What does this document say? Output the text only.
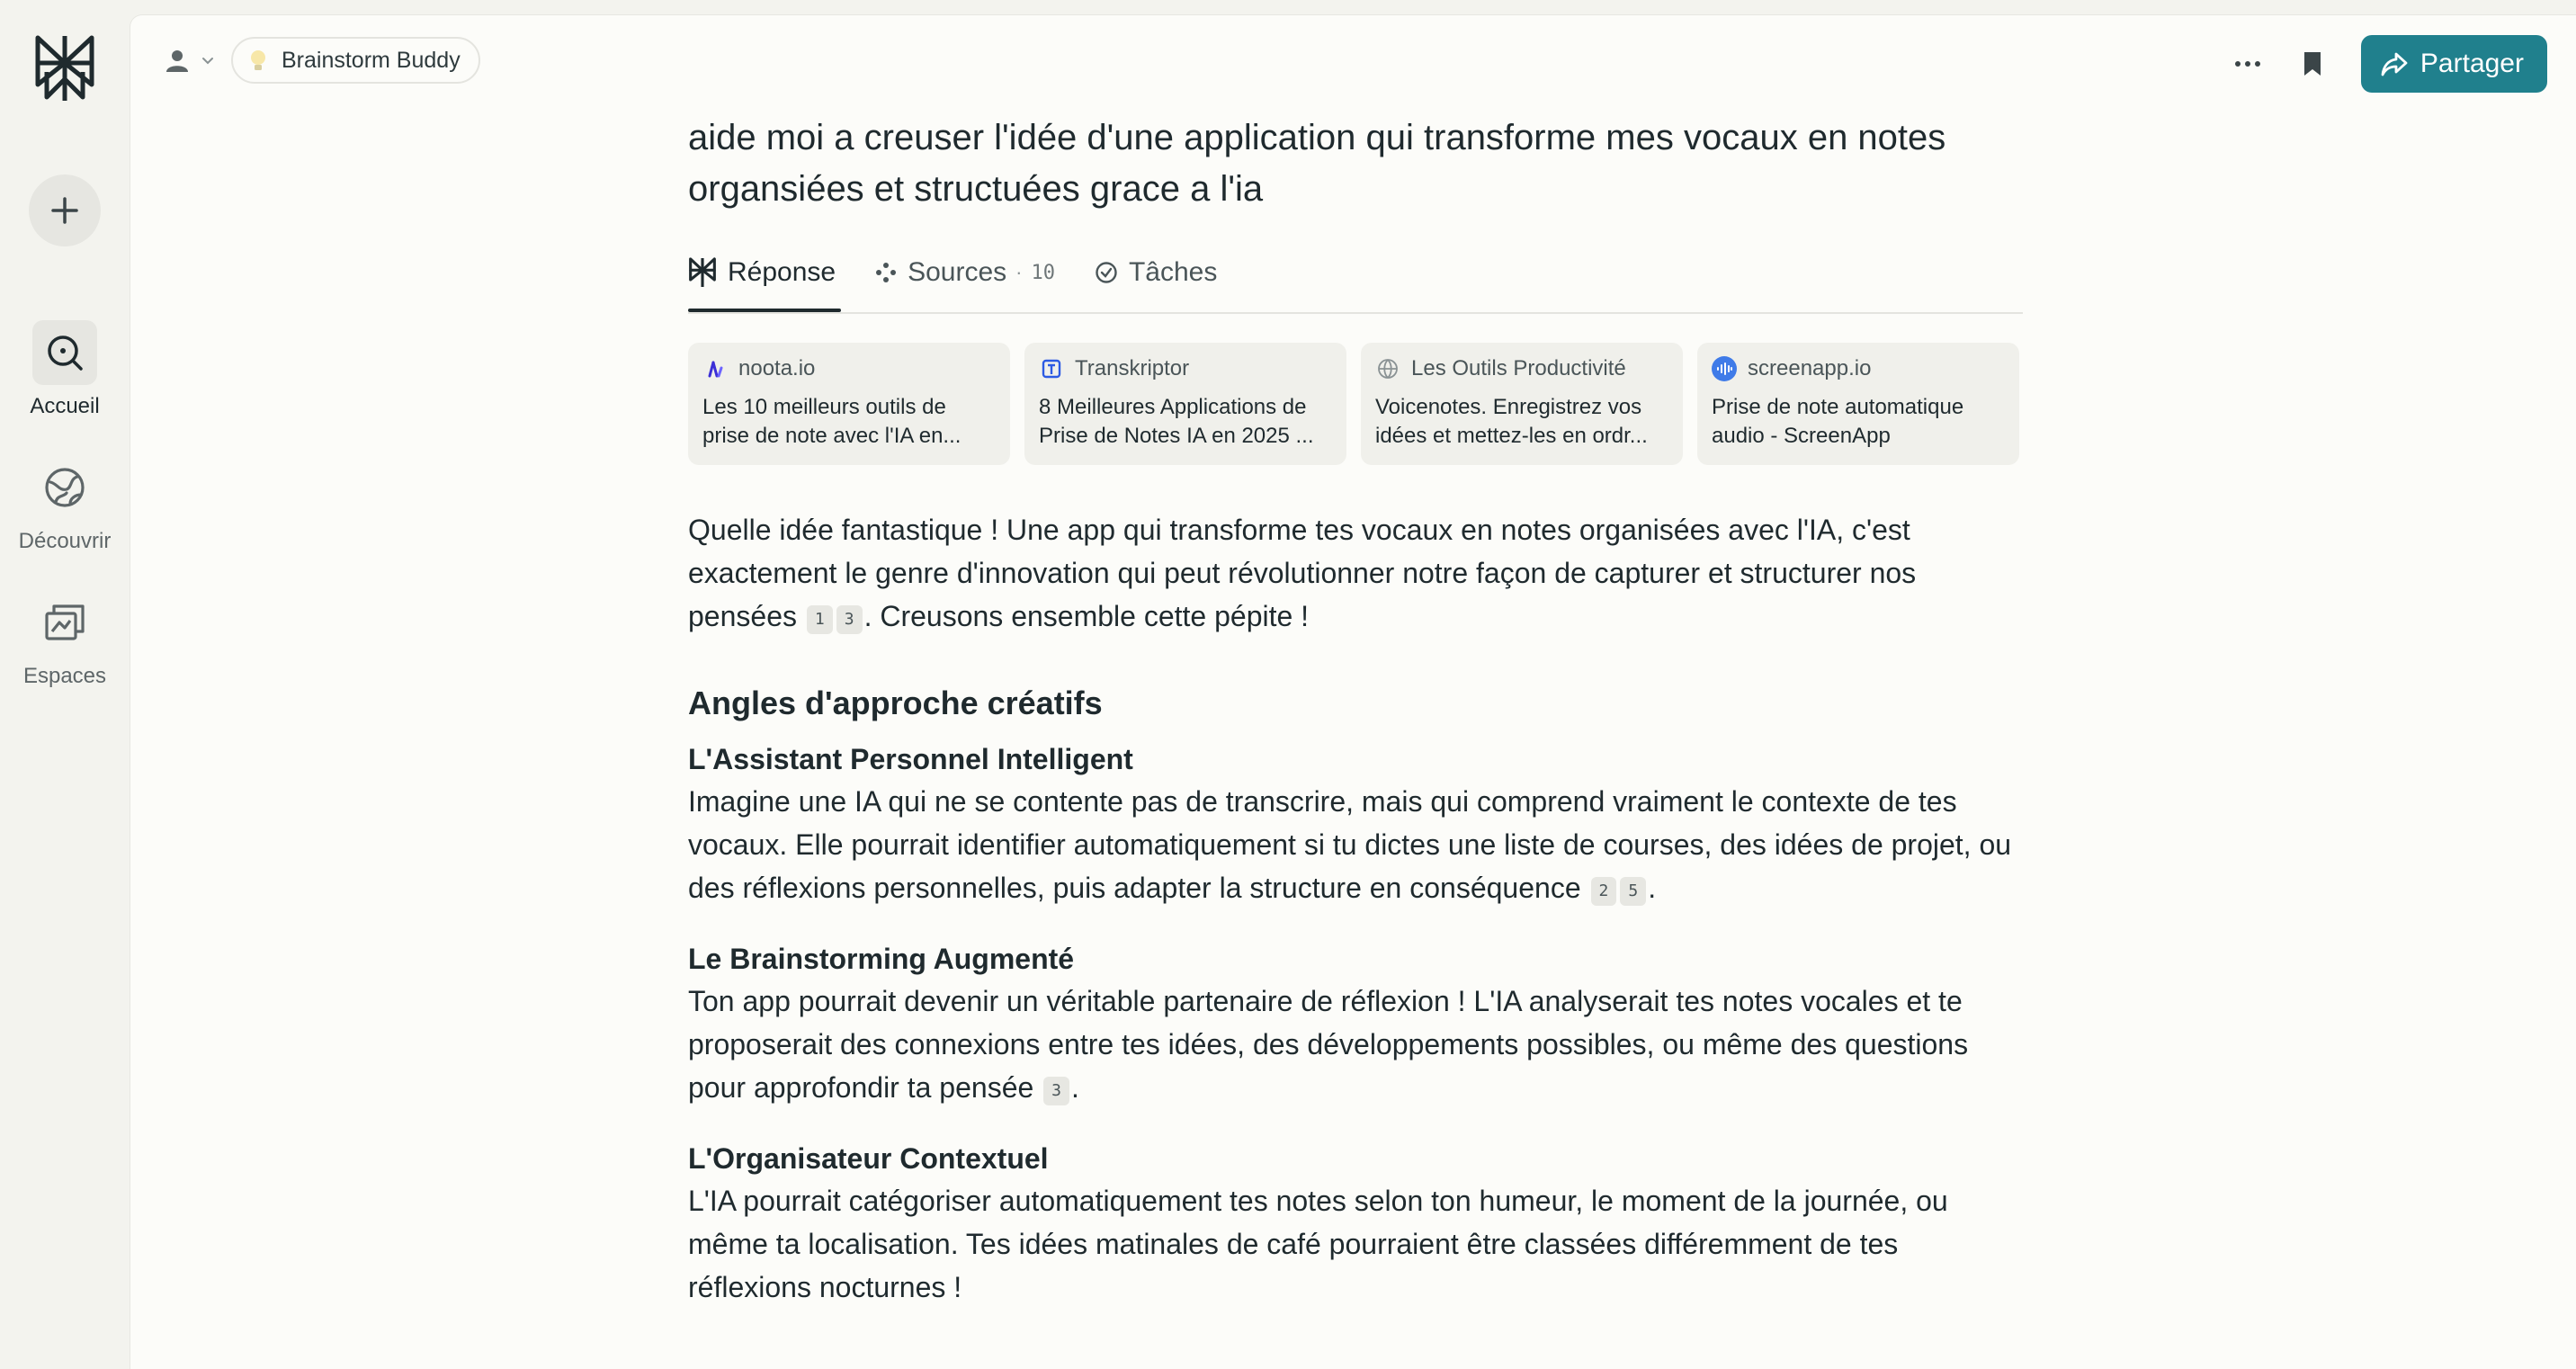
Accueil
Découvrir
Espaces
Brainstorm Buddy	Partager
aide moi a creuser l'idée d'une application qui transforme mes vocaux en notes organsiées et structuées grace a l'ia
Réponse	Sources · 10	Tâches
noota.io
Les 10 meilleurs outils de prise de note avec l'IA en...
Transkriptor
8 Meilleures Applications de Prise de Notes IA en 2025 ...
Les Outils Productivité
Voicenotes. Enregistrez vos idées et mettez-les en ordr...
screenapp.io
Prise de note automatique audio - ScreenApp

Quelle idée fantastique ! Une app qui transforme tes vocaux en notes organisées avec l'IA, c'est exactement le genre d'innovation qui peut révolutionner notre façon de capturer et structurer nos pensées 1 3 . Creusons ensemble cette pépite !

Angles d'approche créatifs
L'Assistant Personnel Intelligent

Imagine une IA qui ne se contente pas de transcrire, mais qui comprend vraiment le contexte de tes vocaux. Elle pourrait identifier automatiquement si tu dictes une liste de courses, des idées de projet, ou des réflexions personnelles, puis adapter la structure en conséquence 2 5 .

Le Brainstorming Augmenté

Ton app pourrait devenir un véritable partenaire de réflexion ! L'IA analyserait tes notes vocales et te proposerait des connexions entre tes idées, des développements possibles, ou même des questions pour approfondir ta pensée 3 .

L'Organisateur Contextuel

L'IA pourrait catégoriser automatiquement tes notes selon ton humeur, le moment de la journée, ou même ta localisation. Tes idées matinales de café pourraient être classées différemment de tes réflexions nocturnes !
